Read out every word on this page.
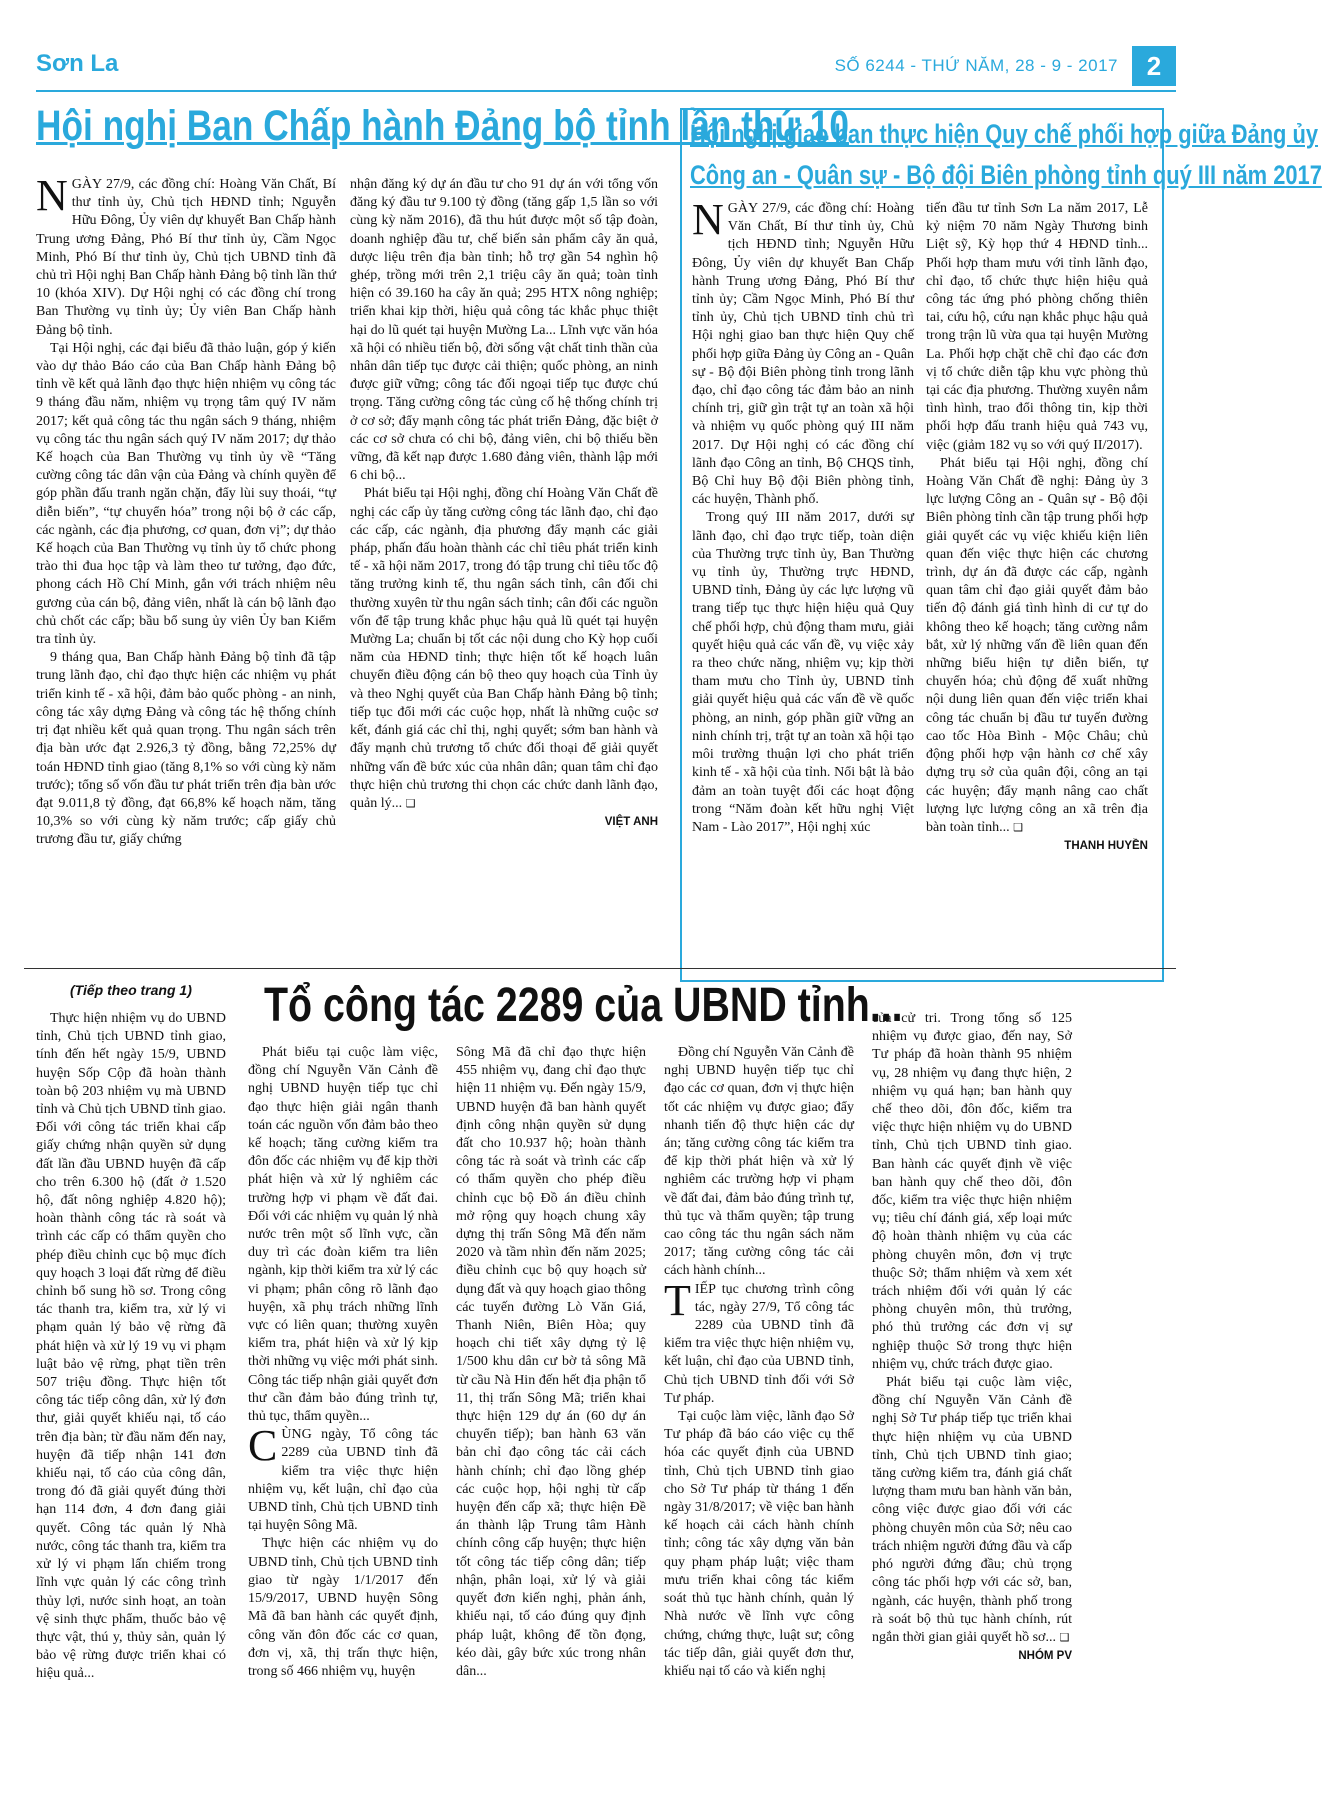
Sơn La	SỐ 6244 - THỨ NĂM, 28 - 9 - 2017	2
Hội nghị Ban Chấp hành Đảng bộ tỉnh lần thứ 10

NGÀY 27/9, các đồng chí: Hoàng Văn Chất, Bí thư tỉnh ủy, Chủ tịch HĐND tỉnh; Nguyễn Hữu Đông, Ủy viên dự khuyết Ban Chấp hành Trung ương Đảng, Phó Bí thư tỉnh ủy, Cầm Ngọc Minh, Phó Bí thư tỉnh ủy, Chủ tịch UBND tỉnh đã chủ trì Hội nghị Ban Chấp hành Đảng bộ tỉnh lần thứ 10 (khóa XIV). Dự Hội nghị có các đồng chí trong Ban Thường vụ tỉnh ủy; Ủy viên Ban Chấp hành Đảng bộ tỉnh.

Tại Hội nghị, các đại biểu đã thảo luận, góp ý kiến vào dự thảo Báo cáo của Ban Chấp hành Đảng bộ tỉnh về kết quả lãnh đạo thực hiện nhiệm vụ công tác 9 tháng đầu năm, nhiệm vụ trọng tâm quý IV năm 2017; kết quả công tác thu ngân sách 9 tháng, nhiệm vụ công tác thu ngân sách quý IV năm 2017; dự thảo Kế hoạch của Ban Thường vụ tỉnh ủy về “Tăng cường công tác dân vận của Đảng và chính quyền để góp phần đấu tranh ngăn chặn, đẩy lùi suy thoái, “tự diễn biến”, “tự chuyển hóa” trong nội bộ ở các cấp, các ngành, các địa phương, cơ quan, đơn vị”; dự thảo Kế hoạch của Ban Thường vụ tỉnh ủy tổ chức phong trào thi đua học tập và làm theo tư tưởng, đạo đức, phong cách Hồ Chí Minh, gắn với trách nhiệm nêu gương của cán bộ, đảng viên, nhất là cán bộ lãnh đạo chủ chốt các cấp; bầu bổ sung ủy viên Ủy ban Kiểm tra tỉnh ủy.

9 tháng qua, Ban Chấp hành Đảng bộ tỉnh đã tập trung lãnh đạo, chỉ đạo thực hiện các nhiệm vụ phát triển kinh tế - xã hội, đảm bảo quốc phòng - an ninh, công tác xây dựng Đảng và công tác hệ thống chính trị đạt nhiều kết quả quan trọng. Thu ngân sách trên địa bàn ước đạt 2.926,3 tỷ đồng, bằng 72,25% dự toán HĐND tỉnh giao (tăng 8,1% so với cùng kỳ năm trước); tổng số vốn đầu tư phát triển trên địa bàn ước đạt 9.011,8 tỷ đồng, đạt 66,8% kế hoạch năm, tăng 10,3% so với cùng kỳ năm trước; cấp giấy chủ trương đầu tư, giấy chứng

nhận đăng ký dự án đầu tư cho 91 dự án với tổng vốn đăng ký đầu tư 9.100 tỷ đồng (tăng gấp 1,5 lần so với cùng kỳ năm 2016), đã thu hút được một số tập đoàn, doanh nghiệp đầu tư, chế biến sản phẩm cây ăn quả, dược liệu trên địa bàn tỉnh; hỗ trợ gần 54 nghìn hộ ghép, trồng mới trên 2,1 triệu cây ăn quả; toàn tỉnh hiện có 39.160 ha cây ăn quả; 295 HTX nông nghiệp; triển khai kịp thời, hiệu quả công tác khắc phục thiệt hại do lũ quét tại huyện Mường La... Lĩnh vực văn hóa xã hội có nhiều tiến bộ, đời sống vật chất tinh thần của nhân dân tiếp tục được cải thiện; quốc phòng, an ninh được giữ vững; công tác đối ngoại tiếp tục được chú trọng. Tăng cường công tác củng cố hệ thống chính trị ở cơ sở; đẩy mạnh công tác phát triển Đảng, đặc biệt ở các cơ sở chưa có chi bộ, đảng viên, chi bộ thiếu bền vững, đã kết nạp được 1.680 đảng viên, thành lập mới 6 chi bộ...

Phát biểu tại Hội nghị, đồng chí Hoàng Văn Chất đề nghị các cấp ủy tăng cường công tác lãnh đạo, chỉ đạo các cấp, các ngành, địa phương đẩy mạnh các giải pháp, phấn đấu hoàn thành các chỉ tiêu phát triển kinh tế - xã hội năm 2017, trong đó tập trung chỉ tiêu tốc độ tăng trưởng kinh tế, thu ngân sách tỉnh, cân đối chi thường xuyên từ thu ngân sách tỉnh; cân đối các nguồn vốn để tập trung khắc phục hậu quả lũ quét tại huyện Mường La; chuẩn bị tốt các nội dung cho Kỳ họp cuối năm của HĐND tỉnh; thực hiện tốt kế hoạch luân chuyển điều động cán bộ theo quy hoạch của Tỉnh ủy và theo Nghị quyết của Ban Chấp hành Đảng bộ tỉnh; tiếp tục đổi mới các cuộc họp, nhất là những cuộc sơ kết, đánh giá các chỉ thị, nghị quyết; sớm ban hành và đẩy mạnh chủ trương tổ chức đối thoại để giải quyết những vấn đề bức xúc của nhân dân; quan tâm chỉ đạo thực hiện chủ trương thi chọn các chức danh lãnh đạo, quản lý... ❑

VIỆT ANH

Hội nghị giao ban thực hiện Quy chế phối hợp giữa Đảng ủy
Công an - Quân sự - Bộ đội Biên phòng tỉnh quý III năm 2017

NGÀY 27/9, các đồng chí: Hoàng Văn Chất, Bí thư tỉnh ủy, Chủ tịch HĐND tỉnh; Nguyễn Hữu Đông, Ủy viên dự khuyết Ban Chấp hành Trung ương Đảng, Phó Bí thư tỉnh ủy; Cầm Ngọc Minh, Phó Bí thư tỉnh ủy, Chủ tịch UBND tỉnh chủ trì Hội nghị giao ban thực hiện Quy chế phối hợp giữa Đảng ủy Công an - Quân sự - Bộ đội Biên phòng tỉnh trong lãnh đạo, chỉ đạo công tác đảm bảo an ninh chính trị, giữ gìn trật tự an toàn xã hội và nhiệm vụ quốc phòng quý III năm 2017. Dự Hội nghị có các đồng chí lãnh đạo Công an tỉnh, Bộ CHQS tỉnh, Bộ Chỉ huy Bộ đội Biên phòng tỉnh, các huyện, Thành phố.

Trong quý III năm 2017, dưới sự lãnh đạo, chỉ đạo trực tiếp, toàn diện của Thường trực tỉnh ủy, Ban Thường vụ tỉnh ủy, Thường trực HĐND, UBND tỉnh, Đảng ủy các lực lượng vũ trang tiếp tục thực hiện hiệu quả Quy chế phối hợp, chủ động tham mưu, giải quyết hiệu quả các vấn đề, vụ việc xảy ra theo chức năng, nhiệm vụ; kịp thời tham mưu cho Tỉnh ủy, UBND tỉnh giải quyết hiệu quả các vấn đề về quốc phòng, an ninh, góp phần giữ vững an ninh chính trị, trật tự an toàn xã hội tạo môi trường thuận lợi cho phát triển kinh tế - xã hội của tỉnh. Nổi bật là bảo đảm an toàn tuyệt đối các hoạt động trong “Năm đoàn kết hữu nghị Việt Nam - Lào 2017”, Hội nghị xúc

tiến đầu tư tỉnh Sơn La năm 2017, Lễ kỷ niệm 70 năm Ngày Thương binh Liệt sỹ, Kỳ họp thứ 4 HĐND tỉnh... Phối hợp tham mưu với tỉnh lãnh đạo, chỉ đạo, tổ chức thực hiện hiệu quả công tác ứng phó phòng chống thiên tai, cứu hộ, cứu nạn khắc phục hậu quả trong trận lũ vừa qua tại huyện Mường La. Phối hợp chặt chẽ chỉ đạo các đơn vị tổ chức diễn tập khu vực phòng thủ tại các địa phương. Thường xuyên nắm tình hình, trao đổi thông tin, kịp thời phối hợp đấu tranh hiệu quả 743 vụ, việc (giảm 182 vụ so với quý II/2017).

Phát biểu tại Hội nghị, đồng chí Hoàng Văn Chất đề nghị: Đảng ủy 3 lực lượng Công an - Quân sự - Bộ đội Biên phòng tỉnh cần tập trung phối hợp giải quyết các vụ việc khiếu kiện liên quan đến việc thực hiện các chương trình, dự án đã được các cấp, ngành quan tâm chỉ đạo giải quyết đảm bảo tiến độ đánh giá tình hình di cư tự do không theo kế hoạch; tăng cường nắm bắt, xử lý những vấn đề liên quan đến những biểu hiện tự diễn biến, tự chuyển hóa; chủ động để xuất những nội dung liên quan đến việc triển khai công tác chuẩn bị đầu tư tuyến đường cao tốc Hòa Bình - Mộc Châu; chủ động phối hợp vận hành cơ chế xây dựng trụ sở của quân đội, công an tại các huyện; đẩy mạnh nâng cao chất lượng lực lượng công an xã trên địa bàn toàn tỉnh... ❑

THANH HUYỀN

(Tiếp theo trang 1) Tổ công tác 2289 của UBND tỉnh...

Thực hiện nhiệm vụ do UBND tỉnh, Chủ tịch UBND tỉnh giao, tính đến hết ngày 15/9, UBND huyện Sốp Cộp đã hoàn thành toàn bộ 203 nhiệm vụ mà UBND tỉnh và Chủ tịch UBND tỉnh giao. Đối với công tác triển khai cấp giấy chứng nhận quyền sử dụng đất lần đầu UBND huyện đã cấp cho trên 6.300 hộ (đất ở 1.520 hộ, đất nông nghiệp 4.820 hộ); hoàn thành công tác rà soát và trình các cấp có thẩm quyền cho phép điều chỉnh cục bộ mục đích quy hoạch 3 loại đất rừng để điều chỉnh bổ sung hồ sơ. Trong công tác thanh tra, kiểm tra, xử lý vi phạm quản lý bảo vệ rừng đã phát hiện và xử lý 19 vụ vi phạm luật bảo vệ rừng, phạt tiền trên 507 triệu đồng. Thực hiện tốt công tác tiếp công dân, xử lý đơn thư, giải quyết khiếu nại, tố cáo trên địa bàn; từ đầu năm đến nay, huyện đã tiếp nhận 141 đơn khiếu nại, tố cáo của công dân, trong đó đã giải quyết đúng thời hạn 114 đơn, 4 đơn đang giải quyết. Công tác quản lý Nhà nước, công tác thanh tra, kiểm tra xử lý vi phạm lấn chiếm trong lĩnh vực quản lý các công trình thủy lợi, nước sinh hoạt, an toàn vệ sinh thực phẩm, thuốc bảo vệ thực vật, thú y, thủy sản, quản lý bảo vệ rừng được triển khai có hiệu quả...

Phát biểu tại cuộc làm việc, đồng chí Nguyễn Văn Cảnh đề nghị UBND huyện tiếp tục chỉ đạo thực hiện giải ngân thanh toán các nguồn vốn đảm bảo theo kế hoạch; tăng cường kiểm tra đôn đốc các nhiệm vụ để kịp thời phát hiện và xử lý nghiêm các trường hợp vi phạm về đất đai. Đối với các nhiệm vụ quản lý nhà nước trên một số lĩnh vực, cần duy trì các đoàn kiểm tra liên ngành, kịp thời kiểm tra xử lý các vi phạm; phân công rõ lãnh đạo huyện, xã phụ trách những lĩnh vực có liên quan; thường xuyên kiểm tra, phát hiện và xử lý kịp thời những vụ việc mới phát sinh. Công tác tiếp nhận giải quyết đơn thư cần đảm bảo đúng trình tự, thủ tục, thẩm quyền...

CÙNG ngày, Tổ công tác 2289 của UBND tỉnh đã kiểm tra việc thực hiện nhiệm vụ, kết luận, chỉ đạo của UBND tỉnh, Chủ tịch UBND tỉnh tại huyện Sông Mã.

Thực hiện các nhiệm vụ do UBND tỉnh, Chủ tịch UBND tỉnh giao từ ngày 1/1/2017 đến 15/9/2017, UBND huyện Sông Mã đã ban hành các quyết định, công văn đôn đốc các cơ quan, đơn vị, xã, thị trấn thực hiện, trong số 466 nhiệm vụ, huyện

Sông Mã đã chỉ đạo thực hiện 455 nhiệm vụ, đang chỉ đạo thực hiện 11 nhiệm vụ. Đến ngày 15/9, UBND huyện đã ban hành quyết định công nhận quyền sử dụng đất cho 10.937 hộ; hoàn thành công tác rà soát và trình các cấp có thẩm quyền cho phép điều chỉnh cục bộ Đồ án điều chỉnh mở rộng quy hoạch chung xây dựng thị trấn Sông Mã đến năm 2020 và tầm nhìn đến năm 2025; điều chỉnh cục bộ quy hoạch sử dụng đất và quy hoạch giao thông các tuyến đường Lò Văn Giá, Thanh Niên, Biên Hòa; quy hoạch chi tiết xây dựng tỷ lệ 1/500 khu dân cư bờ tả sông Mã từ cầu Nà Hin đến hết địa phận tổ 11, thị trấn Sông Mã; triển khai thực hiện 129 dự án (60 dự án chuyển tiếp); ban hành 63 văn bản chỉ đạo công tác cải cách hành chính; chỉ đạo lồng ghép các cuộc họp, hội nghị từ cấp huyện đến cấp xã; thực hiện Đề án thành lập Trung tâm Hành chính công cấp huyện; thực hiện tốt công tác tiếp công dân; tiếp nhận, phân loại, xử lý và giải quyết đơn kiến nghị, phản ánh, khiếu nại, tố cáo đúng quy định pháp luật, không để tồn đọng, kéo dài, gây bức xúc trong nhân dân...

Đồng chí Nguyễn Văn Cảnh đề nghị UBND huyện tiếp tục chỉ đạo các cơ quan, đơn vị thực hiện tốt các nhiệm vụ được giao; đẩy nhanh tiến độ thực hiện các dự án; tăng cường công tác kiểm tra để kịp thời phát hiện và xử lý nghiêm các trường hợp vi phạm về đất đai, đảm bảo đúng trình tự, thủ tục và thẩm quyền; tập trung cao công tác thu ngân sách năm 2017; tăng cường công tác cải cách hành chính...

TIẾP tục chương trình công tác, ngày 27/9, Tổ công tác 2289 của UBND tỉnh đã kiểm tra việc thực hiện nhiệm vụ, kết luận, chỉ đạo của UBND tỉnh, Chủ tịch UBND tỉnh đối với Sở Tư pháp.

Tại cuộc làm việc, lãnh đạo Sở Tư pháp đã báo cáo việc cụ thể hóa các quyết định của UBND tỉnh, Chủ tịch UBND tỉnh giao cho Sở Tư pháp từ tháng 1 đến ngày 31/8/2017; về việc ban hành kế hoạch cải cách hành chính tỉnh; công tác xây dựng văn bản quy phạm pháp luật; việc tham mưu triển khai công tác kiểm soát thủ tục hành chính, quản lý Nhà nước về lĩnh vực công chứng, chứng thực, luật sư; công tác tiếp dân, giải quyết đơn thư, khiếu nại tố cáo và kiến nghị

của cử tri. Trong tổng số 125 nhiệm vụ được giao, đến nay, Sở Tư pháp đã hoàn thành 95 nhiệm vụ, 28 nhiệm vụ đang thực hiện, 2 nhiệm vụ quá hạn; ban hành quy chế theo dõi, đôn đốc, kiểm tra việc thực hiện nhiệm vụ do UBND tỉnh, Chủ tịch UBND tỉnh giao. Ban hành các quyết định về việc ban hành quy chế theo dõi, đôn đốc, kiểm tra việc thực hiện nhiệm vụ; tiêu chí đánh giá, xếp loại mức độ hoàn thành nhiệm vụ của các phòng chuyên môn, đơn vị trực thuộc Sở; thẩm nhiệm và xem xét trách nhiệm đối với quản lý các phòng chuyên môn, thủ trưởng, phó thủ trưởng các đơn vị sự nghiệp thuộc Sở trong thực hiện nhiệm vụ, chức trách được giao.

Phát biểu tại cuộc làm việc, đồng chí Nguyễn Văn Cảnh đề nghị Sở Tư pháp tiếp tục triển khai thực hiện nhiệm vụ của UBND tỉnh, Chủ tịch UBND tỉnh giao; tăng cường kiểm tra, đánh giá chất lượng tham mưu ban hành văn bản, công việc được giao đối với các phòng chuyên môn của Sở; nêu cao trách nhiệm người đứng đầu và cấp phó người đứng đầu; chủ trọng công tác phối hợp với các sở, ban, ngành, các huyện, thành phố trong rà soát bộ thủ tục hành chính, rút ngắn thời gian giải quyết hồ sơ... ❑

NHÓM PV
